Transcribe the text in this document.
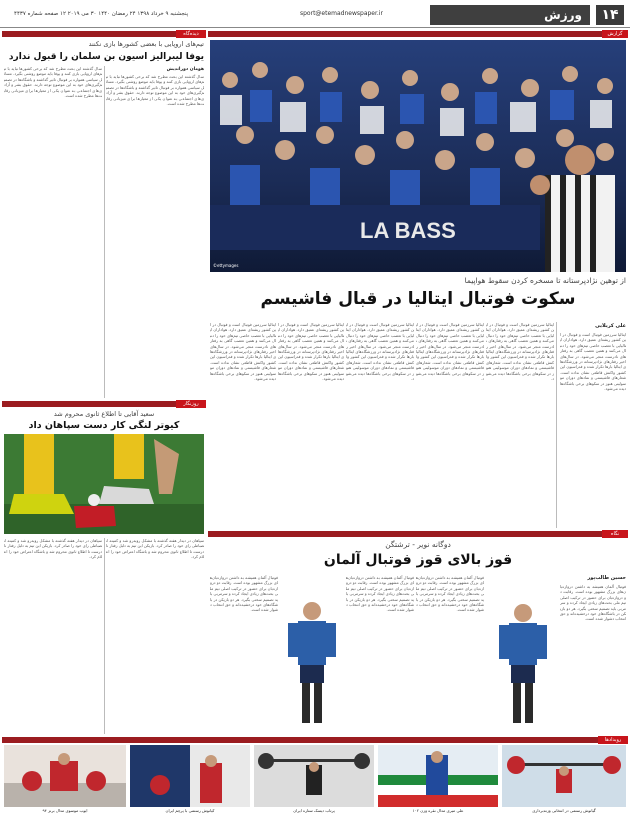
۱۴
ورزش
sport@etemadnewspaper.ir
پنجشنبه ۹ خرداد ۱۳۹۸ ۲۴ رمضان ۱۴۴۰ ۳۰ می ۲۰۱۹ ۱۲ صفحه شماره ۴۴۳۷
گزارش
دیده‌گاه
LA BASS
©ettymages
از توهین نژادپرستانه تا مسخره کردن سقوط هواپیما
سکوت فوتبال ایتالیا در قبال فاشیسم
علی کربلایی
ایتالیا سرزمین فوتبال است و فوتبال در این کشور ریشه‌ای عمیق دارد. هواداران ایتالیایی با تعصب خاصی تیم‌های خود را دنبال می‌کنند و همین تعصب گاهی به رفتارهای نادرست منجر می‌شود. در سال‌های اخیر رفتارهای نژادپرستانه در ورزشگاه‌های ایتالیا بارها تکرار شده و فدراسیون این کشور واکنش قاطعی نشان نداده است. شعارهای فاشیستی و نمادهای دوران موسولینی هنوز در سکوهای برخی باشگاه‌ها دیده می‌شود.
ایتالیا سرزمین فوتبال است و فوتبال در این کشور ریشه‌ای عمیق دارد. هواداران ایتالیایی با تعصب خاصی تیم‌های خود را دنبال می‌کنند و همین تعصب گاهی به رفتارهای نادرست منجر می‌شود. در سال‌های اخیر رفتارهای نژادپرستانه در ورزشگاه‌های ایتالیا بارها تکرار شده و فدراسیون این کشور واکنش قاطعی نشان نداده است. شعارهای فاشیستی و نمادهای دوران موسولینی هنوز در سکوهای برخی باشگاه‌ها دیده می‌شود.
ایتالیا سرزمین فوتبال است و فوتبال در این کشور ریشه‌ای عمیق دارد. هواداران ایتالیایی با تعصب خاصی تیم‌های خود را دنبال می‌کنند و همین تعصب گاهی به رفتارهای نادرست منجر می‌شود. در سال‌های اخیر رفتارهای نژادپرستانه در ورزشگاه‌های ایتالیا بارها تکرار شده و فدراسیون این کشور واکنش قاطعی نشان نداده است. شعارهای فاشیستی و نمادهای دوران موسولینی هنوز در سکوهای برخی باشگاه‌ها دیده می‌شود.
ایتالیا سرزمین فوتبال است و فوتبال در این کشور ریشه‌ای عمیق دارد. هواداران ایتالیایی با تعصب خاصی تیم‌های خود را دنبال می‌کنند و همین تعصب گاهی به رفتارهای نادرست منجر می‌شود. در سال‌های اخیر رفتارهای نژادپرستانه در ورزشگاه‌های ایتالیا بارها تکرار شده و فدراسیون این کشور واکنش قاطعی نشان نداده است. شعارهای فاشیستی و نمادهای دوران موسولینی هنوز در سکوهای برخی باشگاه‌ها دیده می‌شود.
ایتالیا سرزمین فوتبال است و فوتبال در این کشور ریشه‌ای عمیق دارد. هواداران ایتالیایی با تعصب خاصی تیم‌های خود را دنبال می‌کنند و همین تعصب گاهی به رفتارهای نادرست منجر می‌شود. در سال‌های اخیر رفتارهای نژادپرستانه در ورزشگاه‌های ایتالیا بارها تکرار شده و فدراسیون این کشور واکنش قاطعی نشان نداده است. شعارهای فاشیستی و نمادهای دوران موسولینی هنوز در سکوهای برخی باشگاه‌ها دیده می‌شود.
ایتالیا سرزمین فوتبال است و فوتبال در این کشور ریشه‌ای عمیق دارد. هواداران ایتالیایی با تعصب خاصی تیم‌های خود را دنبال می‌کنند و همین تعصب گاهی به رفتارهای نادرست منجر می‌شود. در سال‌های اخیر رفتارهای نژادپرستانه در ورزشگاه‌های ایتالیا بارها تکرار شده و فدراسیون این کشور واکنش قاطعی نشان نداده است. شعارهای فاشیستی و نمادهای دوران موسولینی هنوز در سکوهای برخی باشگاه‌ها دیده می‌شود.
تیم‌های اروپایی با بعضی کشورها بازی نکنند
یوفا لیبرالیز اسیون بن سلمان را قبول ندارد
هومان دورانديش
سال گذشته این بحث مطرح شد که برخی کشورها نباید با تیم‌های اروپایی بازی کنند و یوفا باید موضع روشنی بگیرد. مسائل سیاسی همواره بر فوتبال تاثیر گذاشته و باشگاه‌ها در تصمیم‌گیری‌های خود به این موضوع توجه دارند. حقوق بشر و آزادی‌های اجتماعی به عنوان یکی از معیارها برای میزبانی رقابت‌ها مطرح شده است.
سال گذشته این بحث مطرح شد که برخی کشورها نباید با تیم‌های اروپایی بازی کنند و یوفا باید موضع روشنی بگیرد. مسائل سیاسی همواره بر فوتبال تاثیر گذاشته و باشگاه‌ها در تصمیم‌گیری‌های خود به این موضوع توجه دارند. حقوق بشر و آزادی‌های اجتماعی به عنوان یکی از معیارها برای میزبانی رقابت‌ها مطرح شده است.
روزنگار
سعید آقایی تا اطلاع ثانوی محروم شد
کیوتر لنگی کار دست سپاهان داد
سپاهان در دیدار هفته گذشته با مشکل روبه‌رو شد و کمیته انضباطی رای خود را صادر کرد. بازیکن این تیم به دلیل رفتار نادرست تا اطلاع ثانوی محروم شد و باشگاه اعتراض خود را اعلام کرد.
سپاهان در دیدار هفته گذشته با مشکل روبه‌رو شد و کمیته انضباطی رای خود را صادر کرد. بازیکن این تیم به دلیل رفتار نادرست تا اطلاع ثانوی محروم شد و باشگاه اعتراض خود را اعلام کرد.
نگاه
دوگانه نویر - ترشتگن
قوز بالای قوز فوتبال آلمان
حسین طالب‌پور
فوتبال آلمان همیشه به داشتن دروازه‌بان‌های بزرگ مشهور بوده است. رقابت دو دروازه‌بان برای حضور در ترکیب اصلی تیم ملی بحث‌های زیادی ایجاد کرده و سرمربی باید تصمیم سختی بگیرد. هر دو بازیکن در باشگاه‌های خود درخشیده‌اند و حق انتخاب دشوار شده است.
فوتبال آلمان همیشه به داشتن دروازه‌بان‌های بزرگ مشهور بوده است. رقابت دو دروازه‌بان برای حضور در ترکیب اصلی تیم ملی بحث‌های زیادی ایجاد کرده و سرمربی باید تصمیم سختی بگیرد. هر دو بازیکن در باشگاه‌های خود درخشیده‌اند و حق انتخاب دشوار شده است.
فوتبال آلمان همیشه به داشتن دروازه‌بان‌های بزرگ مشهور بوده است. رقابت دو دروازه‌بان برای حضور در ترکیب اصلی تیم ملی بحث‌های زیادی ایجاد کرده و سرمربی باید تصمیم سختی بگیرد. هر دو بازیکن در باشگاه‌های خود درخشیده‌اند و حق انتخاب دشوار شده است.
فوتبال آلمان همیشه به داشتن دروازه‌بان‌های بزرگ مشهور بوده است. رقابت دو دروازه‌بان برای حضور در ترکیب اصلی تیم ملی بحث‌های زیادی ایجاد کرده و سرمربی باید تصمیم سختی بگیرد. هر دو بازیکن در باشگاه‌های خود درخشیده‌اند و حق انتخاب دشوار شده است.
رویدادها
گیانوش رستمی در انتخابی وزنه‌برداری
علی میری مدال نقره وزن ۱۰۲
پرتاب دیسک ستاره ایران
کیانوش رستمی با پرچم ایران
ایوب موسوی مدال برنز ۹۴
